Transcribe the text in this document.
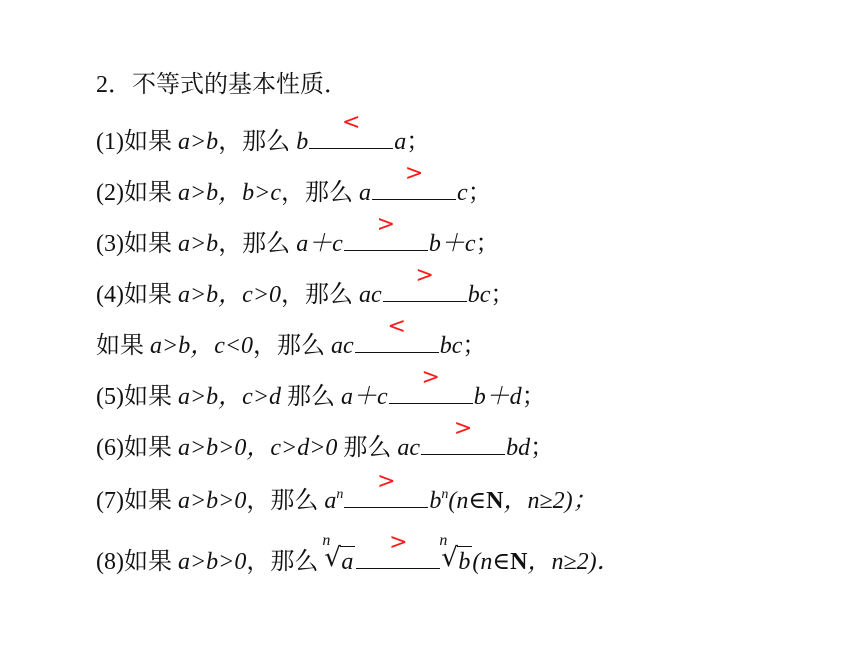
2．不等式的基本性质．
(1)如果 a>b，那么 b
<
a；
(2)如果 a>b，b>c，那么 a
>
c；
(3)如果 a>b，那么 a＋c
>
b＋c；
(4)如果 a>b，c>0，那么 ac
>
bc；
如果 a>b，c<0，那么 ac
<
bc；
(5)如果 a>b，c>d 那么 a＋c
>
b＋d；
(6)如果 a>b>0，c>d>0 那么 ac
>
bd；
(7)如果 a>b>0，那么 $a^n$
>
$b^n(n\in N$，n≥2)；
(8)如果 a>b>0，那么
n
√ a
>	n
√ b(n∈N，n≥2)．
